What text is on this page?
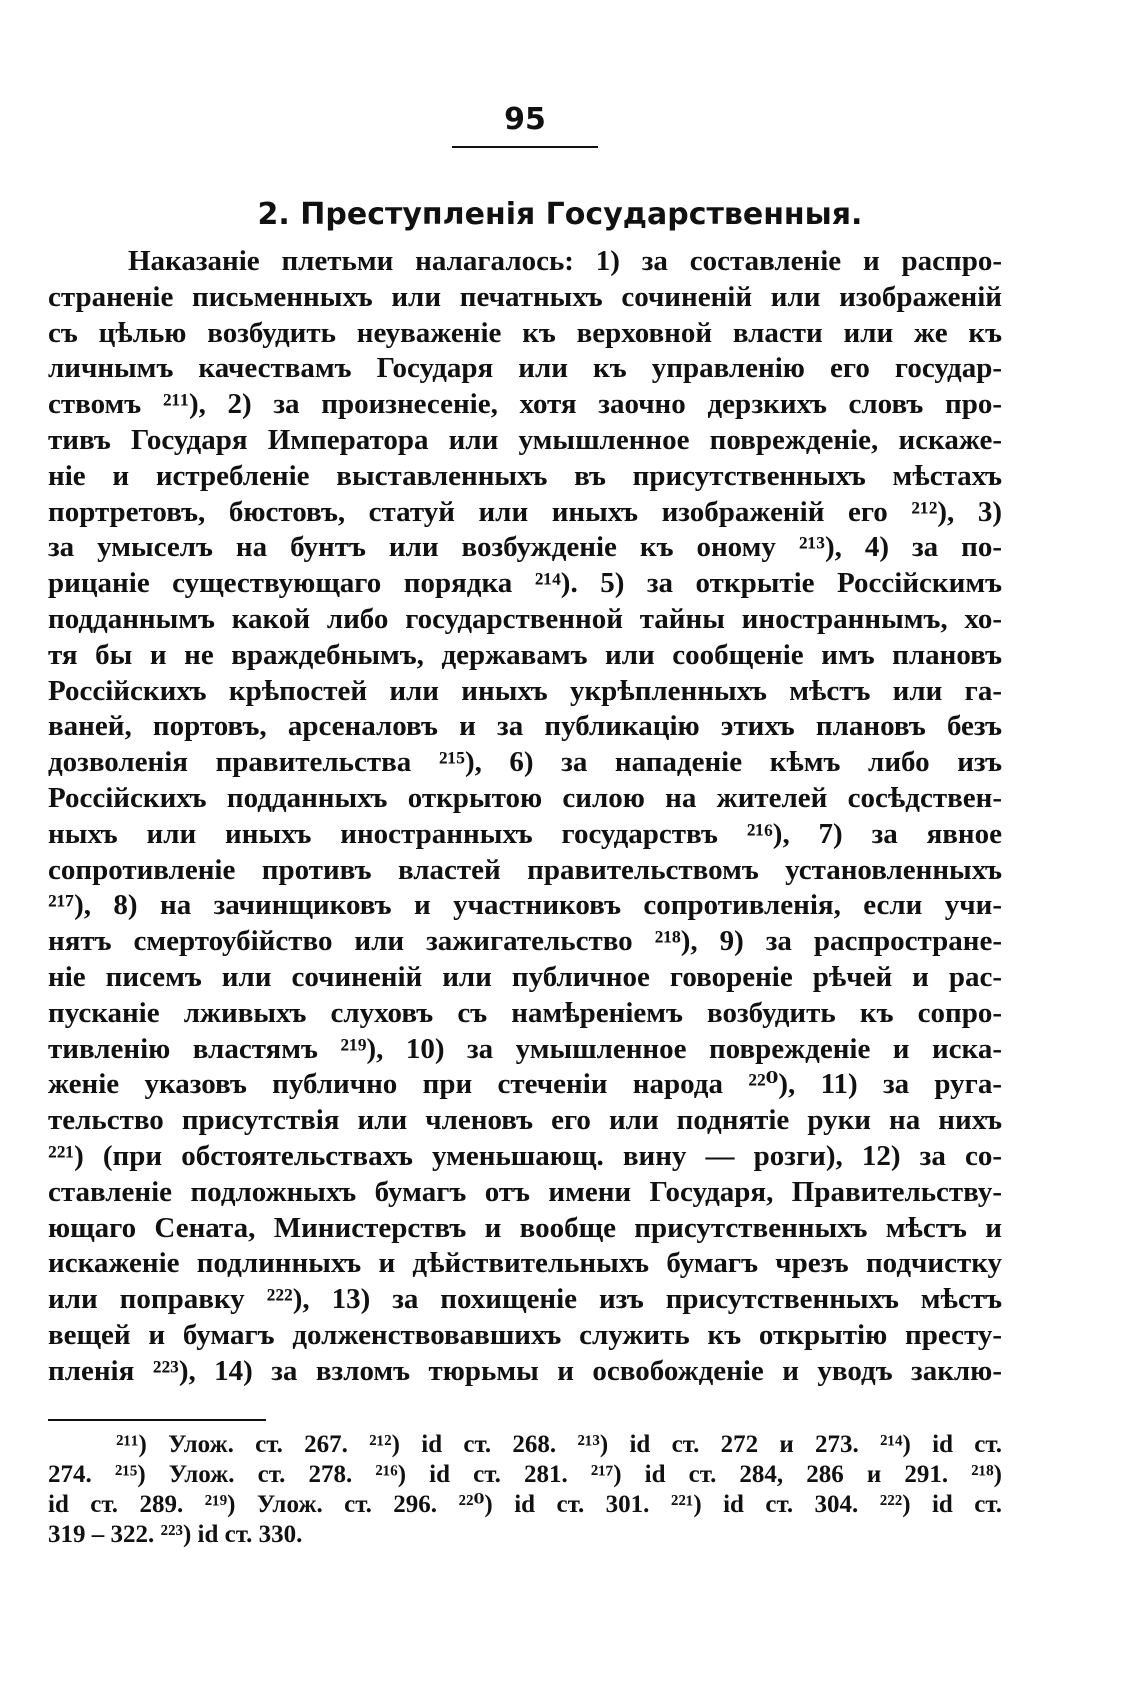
95
2. Преступленія Государственныя.
Наказаніе плетьми налагалось: 1) за составленіе и распро-
страненіе письменныхъ или печатныхъ сочиненій или изображеній
съ цѣлью возбудить неуваженіе къ верховной власти или же къ
личнымъ качествамъ Государя или къ управленію его государ-
ствомъ ²¹¹), 2) за произнесеніе, хотя заочно дерзкихъ словъ про-
тивъ Государя Императора или умышленное поврежденіе, искаже-
ніе и истребленіе выставленныхъ въ присутственныхъ мѣстахъ
портретовъ, бюстовъ, статуй или иныхъ изображеній его ²¹²), 3)
за умыселъ на бунтъ или возбужденіе къ оному ²¹³), 4) за по-
рицаніе существующаго порядка ²¹⁴). 5) за открытіе Россійскимъ
подданнымъ какой либо государственной тайны иностраннымъ, хо-
тя бы и не враждебнымъ, державамъ или сообщеніе имъ плановъ
Россійскихъ крѣпостей или иныхъ укрѣпленныхъ мѣстъ или га-
ваней, портовъ, арсеналовъ и за публикацію этихъ плановъ безъ
дозволенія правительства ²¹⁵), 6) за нападеніе кѣмъ либо изъ
Россійскихъ подданныхъ открытою силою на жителей сосѣдствен-
ныхъ или иныхъ иностранныхъ государствъ ²¹⁶), 7) за явное
сопротивленіе противъ властей правительствомъ установленныхъ
²¹⁷), 8) на зачинщиковъ и участниковъ сопротивленія, если учи-
нятъ смертоубійство или зажигательство ²¹⁸), 9) за распростране-
ніе писемъ или сочиненій или публичное говореніе рѣчей и рас-
пусканіе лживыхъ слуховъ съ намѣреніемъ возбудить къ сопро-
тивленію властямъ ²¹⁹), 10) за умышленное поврежденіе и иска-
женіе указовъ публично при стеченіи народа ²²⁰), 11) за руга-
тельство присутствія или членовъ его или поднятіе руки на нихъ
²²¹) (при обстоятельствахъ уменьшающ. вину — розги), 12) за со-
ставленіе подложныхъ бумагъ отъ имени Государя, Правительству-
ющаго Сената, Министерствъ и вообще присутственныхъ мѣстъ и
искаженіе подлинныхъ и дѣйствительныхъ бумагъ чрезъ подчистку
или поправку ²²²), 13) за похищеніе изъ присутственныхъ мѣстъ
вещей и бумагъ долженствовавшихъ служить къ открытію престу-
пленія ²²³), 14) за взломъ тюрьмы и освобожденіе и уводъ заклю-
²¹¹) Улож. ст. 267. ²¹²) id ст. 268. ²¹³) id ст. 272 и 273. ²¹⁴) id ст.
274. ²¹⁵) Улож. ст. 278. ²¹⁶) id ст. 281. ²¹⁷) id ст. 284, 286 и 291. ²¹⁸)
id ст. 289. ²¹⁹) Улож. ст. 296. ²²⁰) id ст. 301. ²²¹) id ст. 304. ²²²) id ст.
319 – 322. ²²³) id ст. 330.
